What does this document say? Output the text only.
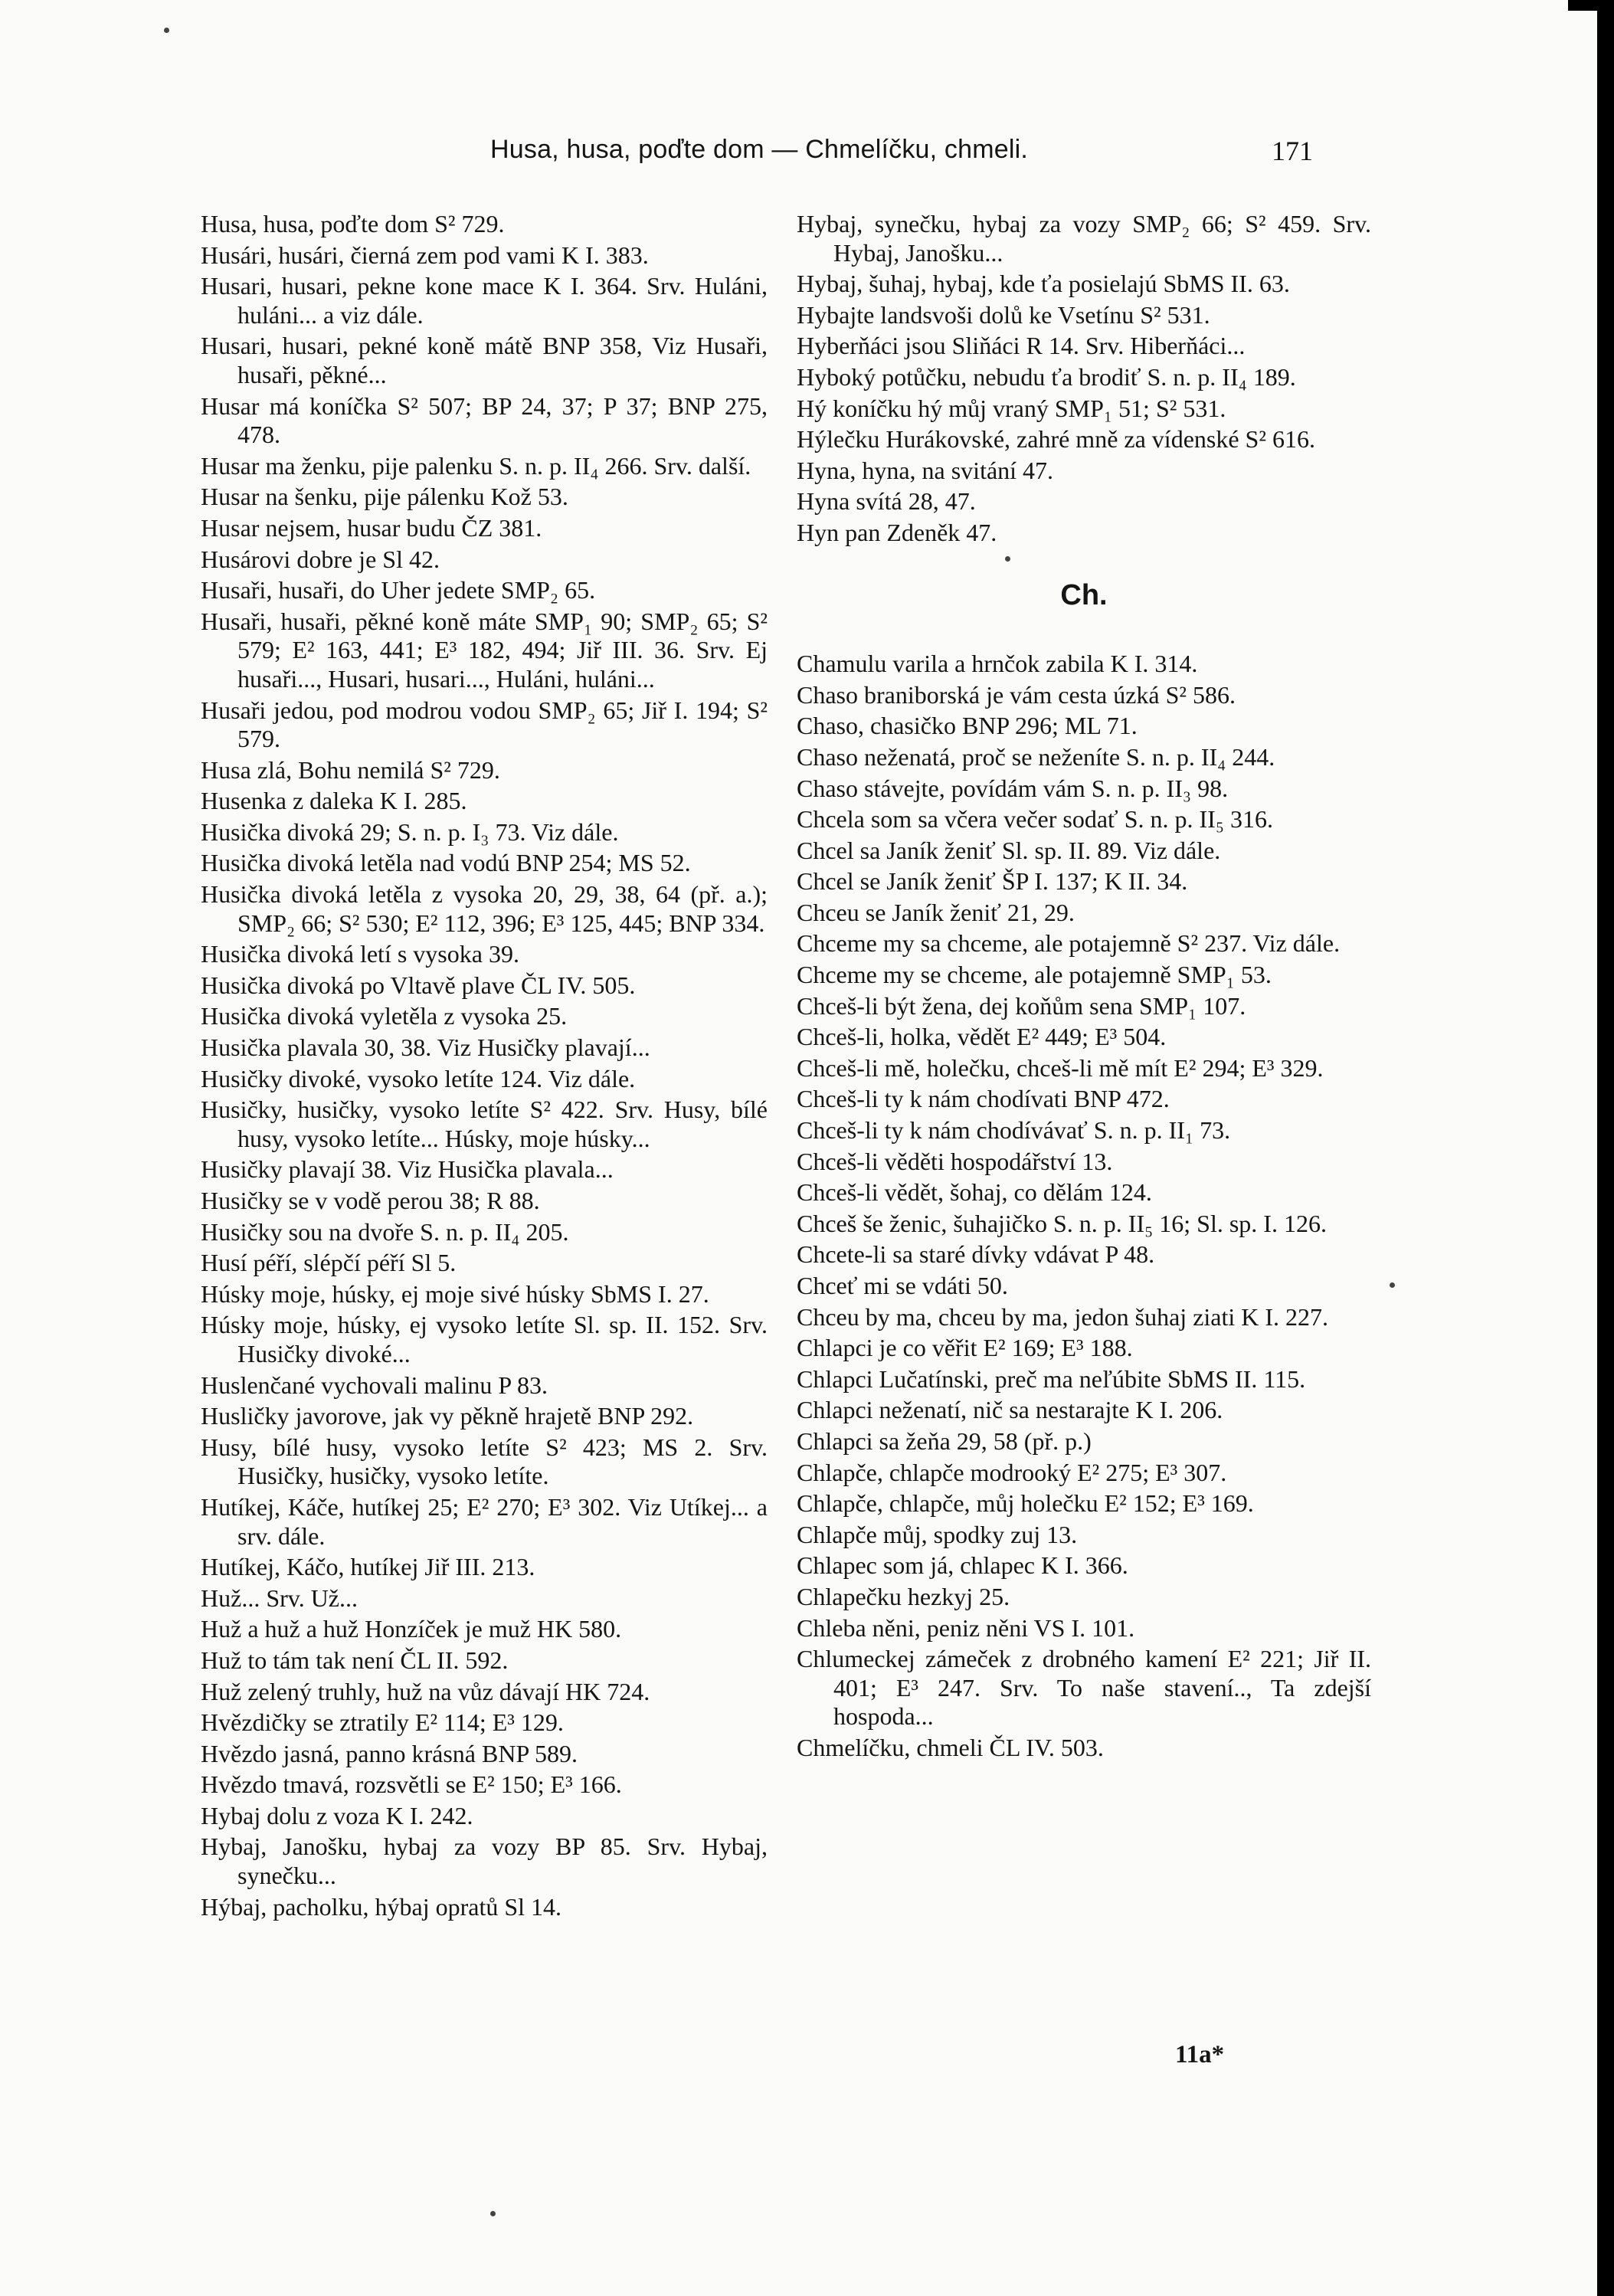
Husa, husa, poďte dom — Chmelíčku, chmeli.	171
Husa, husa, poďte dom S² 729.
Husári, husári, čierná zem pod vami K I. 383.
Husari, husari, pekne kone mace K I. 364. Srv. Huláni, huláni... a viz dále.
Husari, husari, pekné koně mátě BNP 358, Viz Husaři, husaři, pěkné...
Husar má koníčka S² 507; BP 24, 37; P 37; BNP 275, 478.
Husar ma ženku, pije palenku S. n. p. II₄ 266. Srv. další.
Husar na šenku, pije pálenku Kož 53.
Husar nejsem, husar budu ČZ 381.
Husárovi dobre je Sl 42.
Husaři, husaři, do Uher jedete SMP₂ 65.
Husaři, husaři, pěkné koně máte SMP₁ 90; SMP₂ 65; S² 579; E² 163, 441; E³ 182, 494; Jiř III. 36. Srv. Ej husaři..., Husari, husari..., Huláni, huláni...
Husaři jedou, pod modrou vodou SMP₂ 65; Jiř I. 194; S² 579.
Husa zlá, Bohu nemilá S² 729.
Husenka z daleka K I. 285.
Husička divoká 29; S. n. p. I₃ 73. Viz dále.
Husička divoká letěla nad vodú BNP 254; MS 52.
Husička divoká letěla z vysoka 20, 29, 38, 64 (př. a.); SMP₂ 66; S² 530; E² 112, 396; E³ 125, 445; BNP 334.
Husička divoká letí s vysoka 39.
Husička divoká po Vltavě plave ČL IV. 505.
Husička divoká vyletěla z vysoka 25.
Husička plavala 30, 38. Viz Husičky plavají...
Husičky divoké, vysoko letíte 124. Viz dále.
Husičky, husičky, vysoko letíte S² 422. Srv. Husy, bílé husy, vysoko letíte... Húsky, moje húsky...
Husičky plavají 38. Viz Husička plavala...
Husičky se v vodě perou 38; R 88.
Husičky sou na dvoře S. n. p. II₄ 205.
Husí péří, slépčí péří Sl 5.
Húsky moje, húsky, ej moje sivé húsky SbMS I. 27.
Húsky moje, húsky, ej vysoko letíte Sl. sp. II. 152. Srv. Husičky divoké...
Huslenčané vychovali malinu P 83.
Husličky javorove, jak vy pěkně hrajetě BNP 292.
Husy, bílé husy, vysoko letíte S² 423; MS 2. Srv. Husičky, husičky, vysoko letíte.
Hutíkej, Káče, hutíkej 25; E² 270; E³ 302. Viz Utíkej... a srv. dále.
Hutíkej, Káčo, hutíkej Jiř III. 213.
Huž... Srv. Už...
Huž a huž a huž Honzíček je muž HK 580.
Huž to tám tak není ČL II. 592.
Huž zelený truhly, huž na vůz dávají HK 724.
Hvězdičky se ztratily E² 114; E³ 129.
Hvězdo jasná, panno krásná BNP 589.
Hvězdo tmavá, rozsvětli se E² 150; E³ 166.
Hybaj dolu z voza K I. 242.
Hybaj, Janošku, hybaj za vozy BP 85. Srv. Hybaj, synečku...
Hýbaj, pacholku, hýbaj opratů Sl 14.
Hybaj, synečku, hybaj za vozy SMP₂ 66; S² 459. Srv. Hybaj, Janošku...
Hybaj, šuhaj, hybaj, kde ťa posielajú SbMS II. 63.
Hybajte landsvoši dolů ke Vsetínu S² 531.
Hyberňáci jsou Sliňáci R 14. Srv. Hiberňáci...
Hyboký potůčku, nebudu ťa brodiť S. n. p. II₄ 189.
Hý koníčku hý můj vraný SMP₁ 51; S² 531.
Hýlečku Hurákovské, zahré mně za vídenské S² 616.
Hyna, hyna, na svitání 47.
Hyna svítá 28, 47.
Hyn pan Zdeněk 47.
Ch.
Chamulu varila a hrnčok zabila K I. 314.
Chaso braniborská je vám cesta úzká S² 586.
Chaso, chasičko BNP 296; ML 71.
Chaso neženatá, proč se neženíte S. n. p. II₄ 244.
Chaso stávejte, povídám vám S. n. p. II₃ 98.
Chcela som sa včera večer sodať S. n. p. II₅ 316.
Chcel sa Janík ženiť Sl. sp. II. 89. Viz dále.
Chcel se Janík ženiť ŠP I. 137; K II. 34.
Chceu se Janík ženiť 21, 29.
Chceme my sa chceme, ale potajemně S² 237. Viz dále.
Chceme my se chceme, ale potajemně SMP₁ 53.
Chceš-li být žena, dej koňům sena SMP₁ 107.
Chceš-li, holka, vědět E² 449; E³ 504.
Chceš-li mě, holečku, chceš-li mě mít E² 294; E³ 329.
Chceš-li ty k nám chodívati BNP 472.
Chceš-li ty k nám chodívávať S. n. p. II₁ 73.
Chceš-li věděti hospodářství 13.
Chceš-li vědět, šohaj, co dělám 124.
Chceš še ženic, šuhajičko S. n. p. II₅ 16; Sl. sp. I. 126.
Chcete-li sa staré dívky vdávat P 48.
Chceť mi se vdáti 50.
Chceu by ma, chceu by ma, jedon šuhaj ziati K I. 227.
Chlapci je co věřit E² 169; E³ 188.
Chlapci Lučatínski, preč ma neľúbite SbMS II. 115.
Chlapci neženatí, nič sa nestarajte K I. 206.
Chlapci sa žeňa 29, 58 (př. p.)
Chlapče, chlapče modrooký E² 275; E³ 307.
Chlapče, chlapče, můj holečku E² 152; E³ 169.
Chlapče můj, spodky zuj 13.
Chlapec som já, chlapec K I. 366.
Chlapečku hezkyj 25.
Chleba něni, peniz něni VS I. 101.
Chlumeckej zámeček z drobného kamení E² 221; Jiř II. 401; E³ 247. Srv. To naše stavení.., Ta zdejší hospoda...
Chmelíčku, chmeli ČL IV. 503.
11a*
